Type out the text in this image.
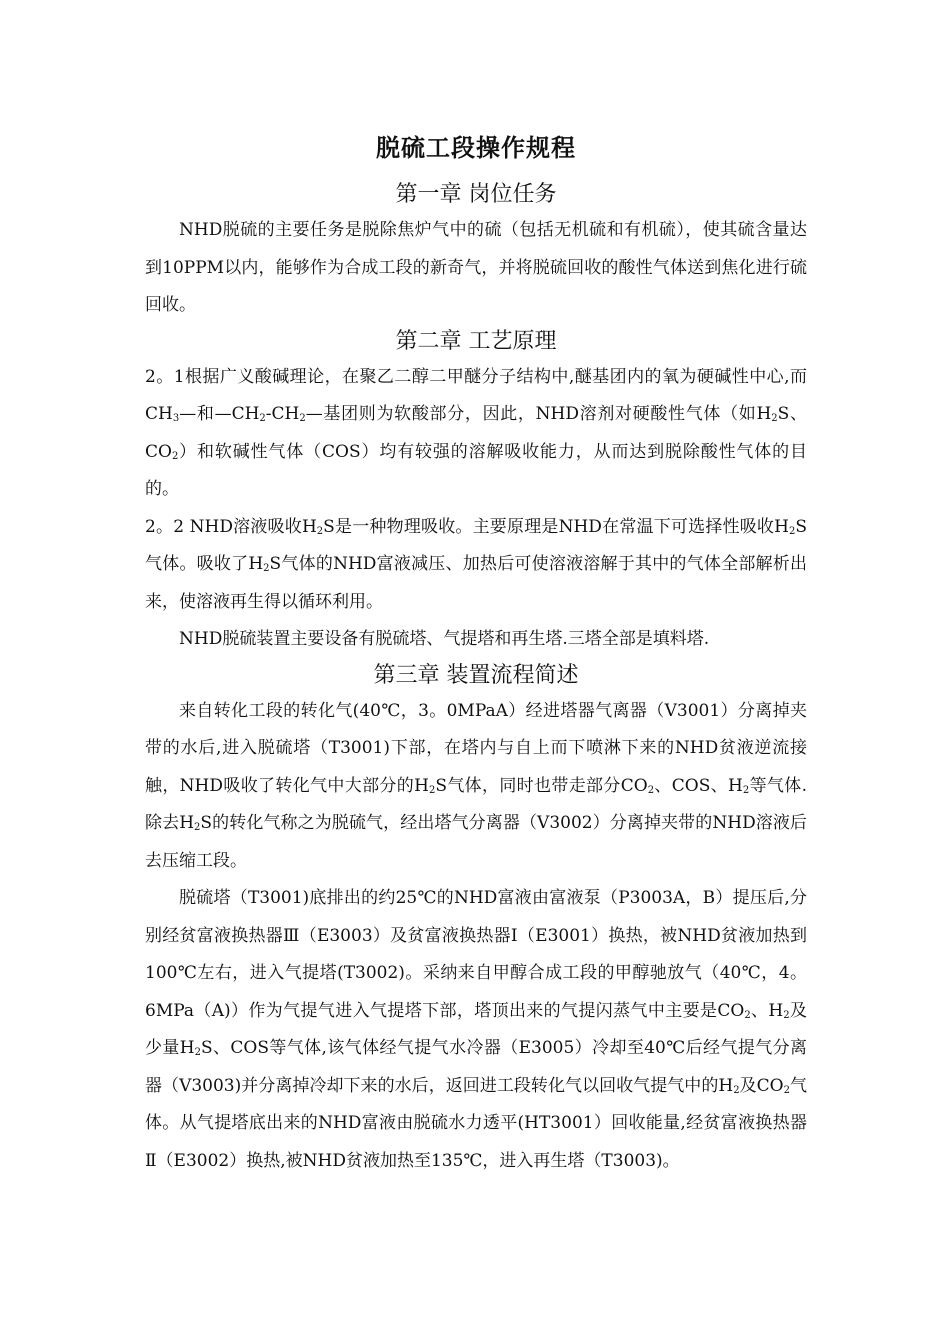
脱硫工段操作规程
第一章 岗位任务

NHD脱硫的主要任务是脱除焦炉气中的硫（包括无机硫和有机硫），使其硫含量达到10PPM以内，能够作为合成工段的新奇气，并将脱硫回收的酸性气体送到焦化进行硫回收。

第二章 工艺原理

2。1根据广义酸碱理论，在聚乙二醇二甲醚分子结构中,醚基团内的氧为硬碱性中心,而$CH_3—$和$—CH_2-CH_2—$基团则为软酸部分，因此，NHD溶剂对硬酸性气体（如$H_2S$、$CO_2$）和软碱性气体（COS）均有较强的溶解吸收能力，从而达到脱除酸性气体的目的。

2。2 NHD溶液吸收$H_2S$是一种物理吸收。主要原理是NHD在常温下可选择性吸收$H_2S$气体。吸收了$H_2S$气体的NHD富液减压、加热后可使溶液溶解于其中的气体全部解析出来，使溶液再生得以循环利用。

NHD脱硫装置主要设备有脱硫塔、气提塔和再生塔.三塔全部是填料塔.

第三章 装置流程简述

来自转化工段的转化气(40℃，3。0MPaA）经进塔器气离器（V3001）分离掉夹带的水后,进入脱硫塔（T3001)下部，在塔内与自上而下喷淋下来的NHD贫液逆流接触，NHD吸收了转化气中大部分的$H_2S$气体，同时也带走部分$CO_2$、COS、$H_2$等气体.除去$H_2S$的转化气称之为脱硫气，经出塔气分离器（V3002）分离掉夹带的NHD溶液后去压缩工段。

脱硫塔（T3001)底排出的约25℃的NHD富液由富液泵（P3003A，B）提压后,分别经贫富液换热器Ⅲ（E3003）及贫富液换热器Ⅰ（E3001）换热，被NHD贫液加热到100℃左右，进入气提塔(T3002)。采纳来自甲醇合成工段的甲醇驰放气（40℃，4。6MPa（A)）作为气提气进入气提塔下部，塔顶出来的气提闪蒸气中主要是$CO_2$、$H_2$及少量$H_2S$、COS等气体,该气体经气提气水冷器（E3005）冷却至40℃后经气提气分离器（V3003)并分离掉冷却下来的水后，返回进工段转化气以回收气提气中的$H_2$及$CO_2$气体。从气提塔底出来的NHD富液由脱硫水力透平(HT3001）回收能量,经贫富液换热器Ⅱ（E3002）换热,被NHD贫液加热至135℃，进入再生塔（T3003)。
